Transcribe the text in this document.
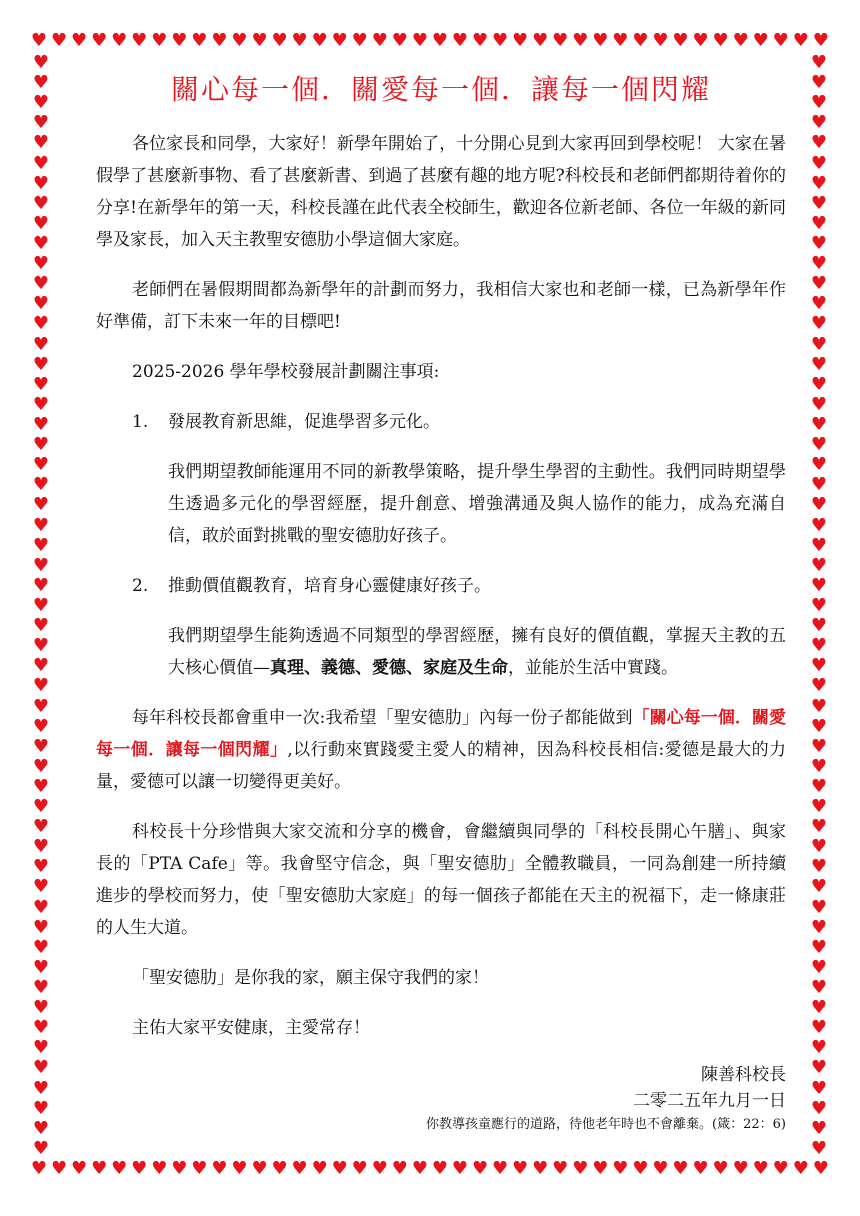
♥ ♥ ♥ ♥ ♥ ♥ ♥ ♥ ♥ ♥ ♥ ♥ ♥ ♥ ♥ ♥ ♥ ♥ ♥ ♥ ♥ ♥ ♥ ♥ ♥ ♥ ♥ ♥ ♥ ♥ ♥ ♥ ♥ ♥ ♥ ♥ ♥ ♥ ♥ ♥
♥ ♥ ♥ ♥ ♥ ♥ ♥ ♥ ♥ ♥ ♥ ♥ ♥ ♥ ♥ ♥ ♥ ♥ ♥ ♥ ♥ ♥ ♥ ♥ ♥ ♥ ♥ ♥ ♥ ♥ ♥ ♥ ♥ ♥ ♥ ♥ ♥ ♥ ♥ ♥
♥
♥
♥
♥
♥
♥
♥
♥
♥
♥
♥
♥
♥
♥
♥
♥
♥
♥
♥
♥
♥
♥
♥
♥
♥
♥
♥
♥
♥
♥
♥
♥
♥
♥
♥
♥
♥
♥
♥
♥
♥
♥
♥
♥
♥
♥
♥
♥
♥
♥
♥
♥
♥
♥
♥
♥
♥
♥
♥
♥
♥
♥
♥
♥
♥
♥
♥
♥
♥
♥
♥
♥
♥
♥
♥
♥
♥
♥
♥
♥
♥
♥
♥
♥
♥
♥
♥
♥
♥
♥
♥
♥
♥
♥
♥
♥
♥
♥
♥
♥
♥
♥
♥
♥
♥
♥
♥
♥
♥
♥
關心每一個．關愛每一個．讓每一個閃耀

各位家長和同學，大家好！新學年開始了，十分開心見到大家再回到學校呢！ 大家在暑假學了甚麼新事物、看了甚麼新書、到過了甚麼有趣的地方呢?科校長和老師們都期待着你的分享!在新學年的第一天，科校長謹在此代表全校師生，歡迎各位新老師、各位一年級的新同學及家長，加入天主教聖安德肋小學這個大家庭。

老師們在暑假期間都為新學年的計劃而努力，我相信大家也和老師一樣，已為新學年作好準備，訂下未來一年的目標吧!

2025-2026 學年學校發展計劃關注事項:

1.	發展教育新思維，促進學習多元化。

我們期望教師能運用不同的新教學策略，提升學生學習的主動性。我們同時期望學生透過多元化的學習經歷，提升創意、增強溝通及與人協作的能力，成為充滿自信，敢於面對挑戰的聖安德肋好孩子。

2.	推動價值觀教育，培育身心靈健康好孩子。

我們期望學生能夠透過不同類型的學習經歷，擁有良好的價值觀，掌握天主教的五大核心價值—真理、義德、愛德、家庭及生命，並能於生活中實踐。

每年科校長都會重申一次:我希望「聖安德肋」內每一份子都能做到「關心每一個．關愛每一個．讓每一個閃耀」,以行動來實踐愛主愛人的精神，因為科校長相信:愛德是最大的力量，愛德可以讓一切變得更美好。

科校長十分珍惜與大家交流和分享的機會，會繼續與同學的「科校長開心午膳」、與家長的「PTA Cafe」等。我會堅守信念，與「聖安德肋」全體教職員，一同為創建一所持續進步的學校而努力，使「聖安德肋大家庭」的每一個孩子都能在天主的祝福下，走一條康莊的人生大道。

「聖安德肋」是你我的家，願主保守我們的家！

主佑大家平安健康，主愛常存！

陳善科校長
二零二五年九月一日
你教導孩童應行的道路，待他老年時也不會離棄。(箴：22：6)
